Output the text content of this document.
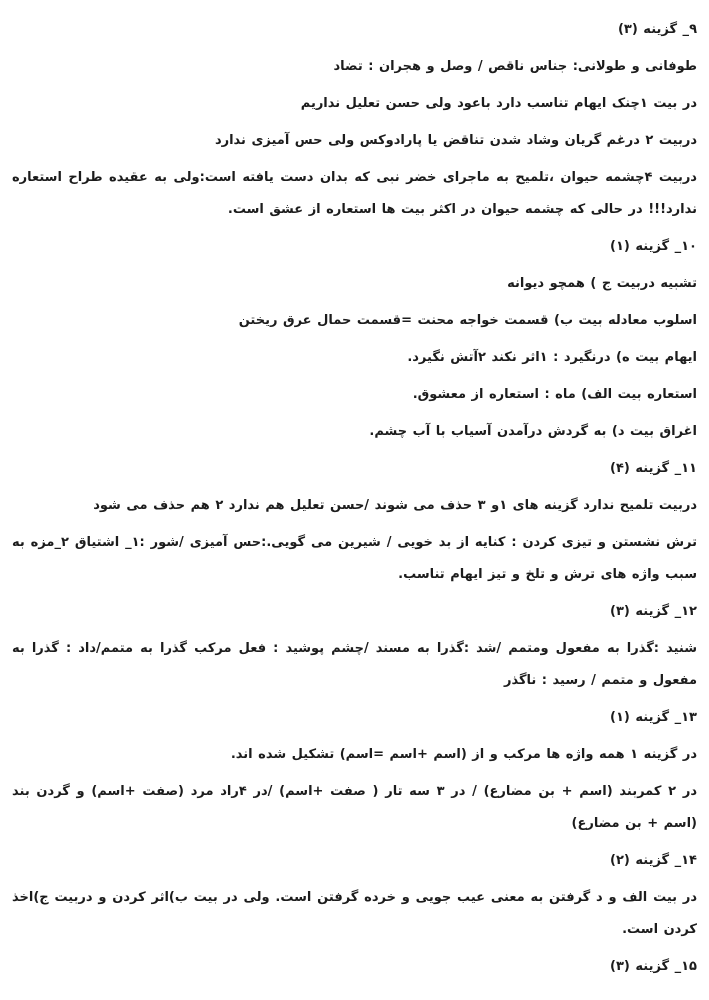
۹_ گزینه (۳)

طوفانی و طولانی: جناس ناقص / وصل و هجران : تضاد

در بیت ۱چنک ایهام تناسب دارد باعود ولی حسن تعلیل نداریم

دربیت ۲ درغم گریان وشاد شدن تناقض یا پارادوکس ولی حس آمیزی ندارد

دربیت ۴چشمه حیوان ،تلمیح به ماجرای خضر نبی که بدان دست یافته است:ولی به عقیده طراح استعاره ندارد!!! در حالی که چشمه حیوان در اکثر بیت ها استعاره از عشق است.

۱۰_ گزینه (۱)

تشبیه دربیت ج ) همچو دیوانه

اسلوب معادله بیت ب) قسمت خواجه محنت =قسمت حمال عرق ریختن

ایهام بیت ه) درنگیرد : ۱اثر نکند ۲آتش نگیرد.

استعاره بیت الف) ماه : استعاره از معشوق.

اغراق بیت د) به گردش درآمدن آسیاب با آب چشم.

۱۱_ گزینه (۴)

دربیت تلمیح ندارد گزینه های ۱و ۳ حذف می شوند /حسن تعلیل هم ندارد ۲ هم حذف می شود

ترش نشستن و تیزی کردن : کنایه از بد خویی / شیرین می گویی.:حس آمیزی /شور :۱_ اشتیاق ۲_مزه به سبب واژه های ترش و تلخ و تیز ایهام تناسب.

۱۲_ گزینه (۳)

شنید :گذرا به مفعول ومتمم /شد :گذرا به مسند /چشم پوشید : فعل مرکب گذرا به متمم/داد : گذرا به مفعول و متمم / رسید : ناگذر

۱۳_ گزینه (۱)

در گزینه ۱ همه واژه ها مرکب و از (اسم +اسم =اسم) تشکیل شده اند.

در ۲ کمربند (اسم + بن مضارع) / در ۳ سه تار ( صفت +اسم) /در ۴راد مرد (صفت +اسم) و گردن بند (اسم + بن مضارع)

۱۴_ گزینه (۲)

در بیت الف و د گرفتن به معنی عیب جویی و خرده گرفتن است. ولی در بیت ب)اثر کردن و دربیت ج)اخذ کردن است.

۱۵_ گزینه (۳)
